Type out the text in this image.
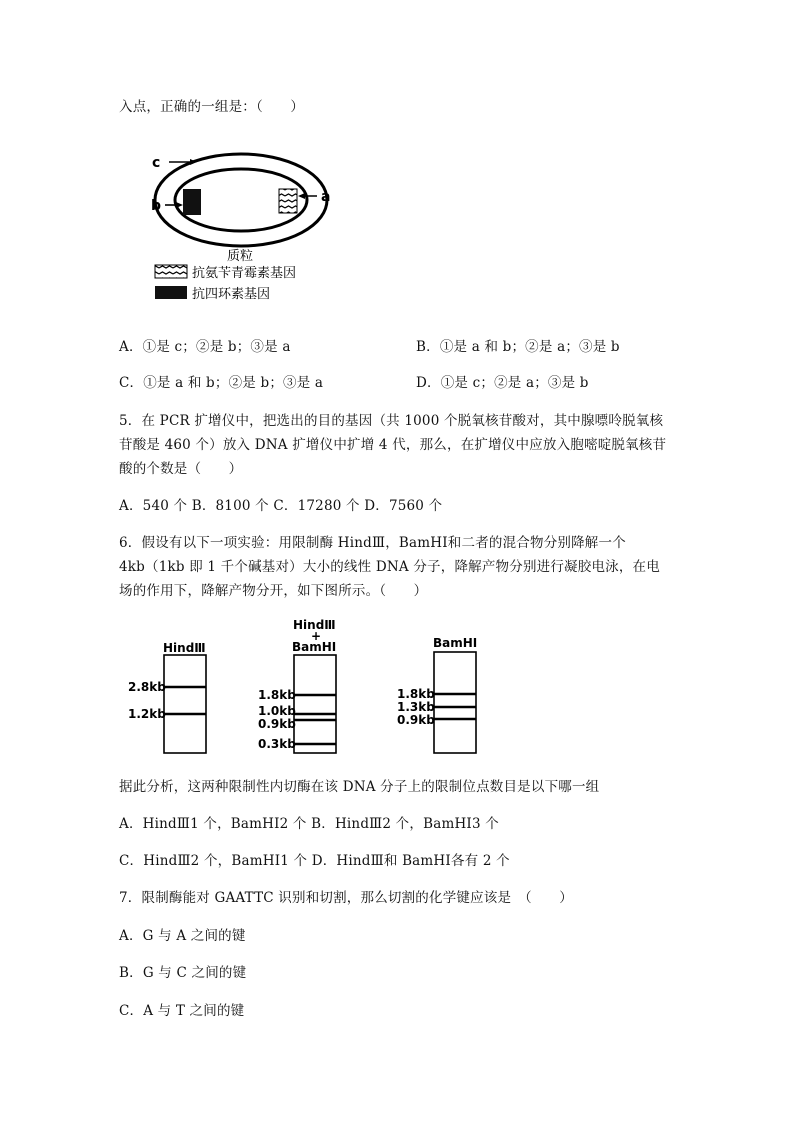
入点，正确的一组是：（　　）
c
b
a
质粒
抗氨苄青霉素基因
抗四环素基因
A．①是 c；②是 b；③是 a	B．①是 a 和 b；②是 a；③是 b
C．①是 a 和 b；②是 b；③是 a	D．①是 c；②是 a；③是 b
5．在 PCR 扩增仪中，把选出的目的基因（共 1000 个脱氧核苷酸对，其中腺嘌呤脱氧核
苷酸是 460 个）放入 DNA 扩增仪中扩增 4 代，那么，在扩增仪中应放入胞嘧啶脱氧核苷
酸的个数是（　　）
A．540 个 B．8100 个 C．17280 个 D．7560 个
6．假设有以下一项实验：用限制酶 HindⅢ，BamHⅠ和二者的混合物分别降解一个
4kb（1kb 即 1 千个碱基对）大小的线性 DNA 分子，降解产物分别进行凝胶电泳，在电
场的作用下，降解产物分开，如下图所示。（　　）
HindⅢ
2.8kb
1.2kb
HindⅢ
+
BamHⅠ
1.8kb
1.0kb
0.9kb
0.3kb
BamHⅠ
1.8kb
1.3kb
0.9kb
据此分析，这两种限制性内切酶在该 DNA 分子上的限制位点数目是以下哪一组
A．HindⅢ1 个，BamHⅠ2 个 B．HindⅢ2 个，BamHⅠ3 个
C．HindⅢ2 个，BamHⅠ1 个 D．HindⅢ和 BamHⅠ各有 2 个
7．限制酶能对 GAATTC 识别和切割，那么切割的化学键应该是　（　　）
A．G 与 A 之间的键
B．G 与 C 之间的键
C．A 与 T 之间的键
